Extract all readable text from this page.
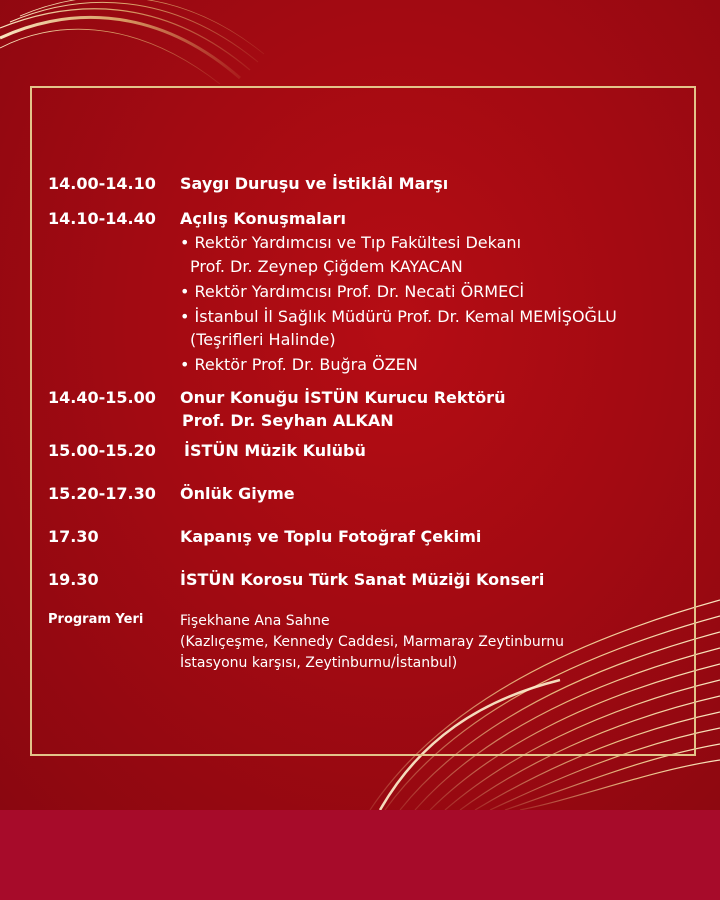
14.00-14.10 Saygı Duruşu ve İstiklâl Marşı
14.10-14.40 Açılış Konuşmaları
• Rektör Yardımcısı ve Tıp Fakültesi Dekanı
Prof. Dr. Zeynep Çiğdem KAYACAN
• Rektör Yardımcısı Prof. Dr. Necati ÖRMECİ
• İstanbul İl Sağlık Müdürü Prof. Dr. Kemal MEMİŞOĞLU
(Teşrifleri Halinde)
• Rektör Prof. Dr. Buğra ÖZEN
14.40-15.00 Onur Konuğu İSTÜN Kurucu Rektörü
Prof. Dr. Seyhan ALKAN
15.00-15.20 İSTÜN Müzik Kulübü
15.20-17.30 Önlük Giyme
17.30	Kapanış ve Toplu Fotoğraf Çekimi
19.30	İSTÜN Korosu Türk Sanat Müziği Konseri
Program Yeri	Fişekhane Ana Sahne
(Kazlıçeşme, Kennedy Caddesi, Marmaray Zeytinburnu
İstasyonu karşısı, Zeytinburnu/İstanbul)
